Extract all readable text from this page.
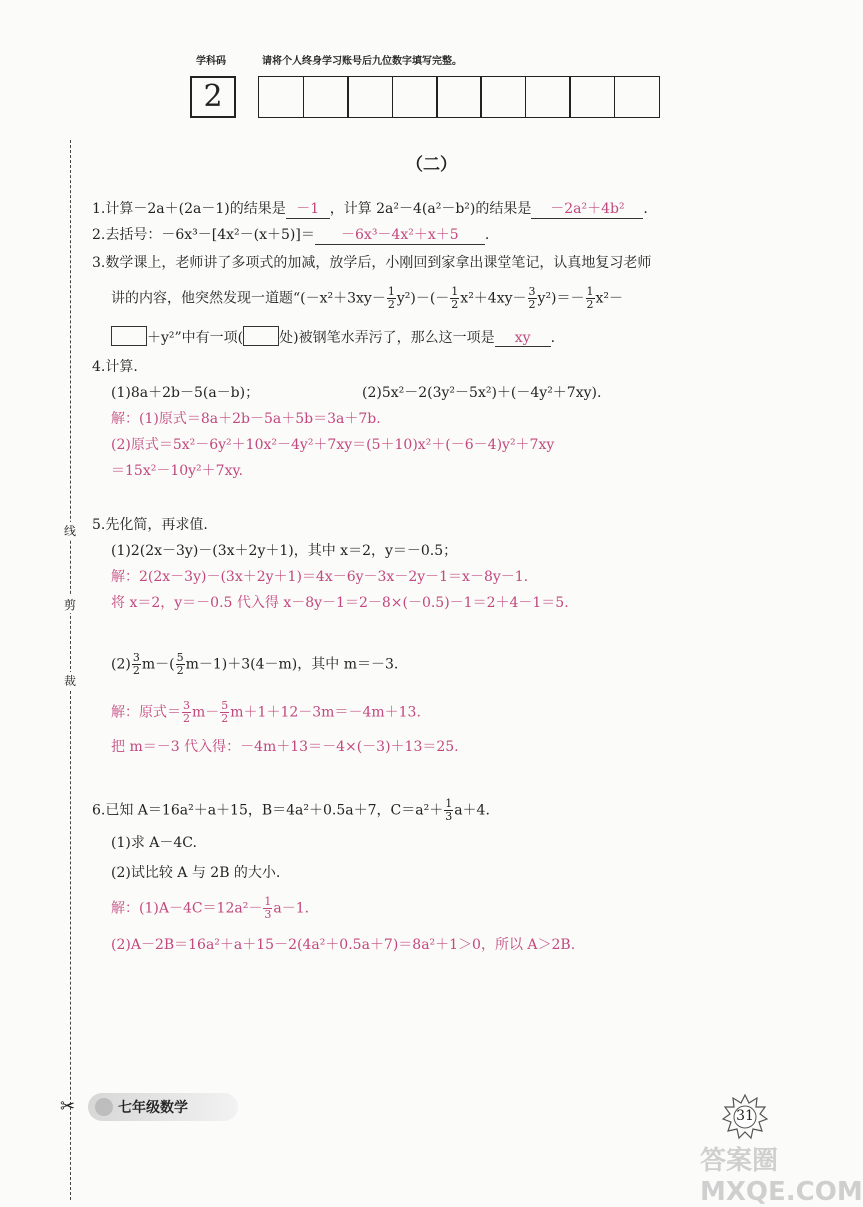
学科码	请将个人终身学习账号后九位数字填写完整。
2
线
剪
裁
（二）
1.计算－2a＋(2a－1)的结果是 －1 ，计算 2a²－4(a²－b²)的结果是 －2a²＋4b² .
2.去括号：－6x³－[4x²－(x＋5)]＝ －6x³－4x²＋x＋5 .
3.数学课上，老师讲了多项式的加减，放学后，小刚回到家拿出课堂笔记，认真地复习老师
讲的内容，他突然发现一道题“$(-x^2+3xy- \frac{1}{2} y^2)-(- \frac{1}{2} x^2+4xy- \frac{3}{2} y^2)=- \frac{1}{2} x^2-$
＋y²”中有一项(	处)被钢笔水弄污了，那么这一项是 xy .
4.计算.
(1)8a＋2b－5(a－b)；	(2)5x²－2(3y²－5x²)＋(－4y²＋7xy).
解：(1)原式＝8a＋2b－5a＋5b＝3a＋7b.
(2)原式＝5x²－6y²＋10x²－4y²＋7xy＝(5＋10)x²＋(－6－4)y²＋7xy
＝15x²－10y²＋7xy.
5.先化简，再求值.
(1)2(2x－3y)－(3x＋2y＋1)，其中 x＝2，y＝－0.5；
解：2(2x－3y)－(3x＋2y＋1)＝4x－6y－3x－2y－1＝x－8y－1.
将 x＝2，y＝－0.5 代入得 x－8y－1＝2－8×(－0.5)－1＝2＋4－1＝5.
$(2) \frac{3}{2} m-( \frac{5}{2} m-1)+3(4-m)$，其中 m＝－3.
解：原式＝ $\frac{3}{2} m- \frac{5}{2} m+1+12-3m=-4m+13$.
把 m＝－3 代入得：－4m＋13＝－4×(－3)＋13＝25.
6.已知 A＝16a²＋a＋15，B＝4a²＋0.5a＋7，$C=a^2+ \frac{1}{3} a+4$.
(1)求 A－4C.
(2)试比较 A 与 2B 的大小.
解：$(1)A-4C=12a^2- \frac{1}{3} a-1$.
(2)A－2B＝16a²＋a＋15－2(4a²＋0.5a＋7)＝8a²＋1＞0，所以 A＞2B.
✂	七年级数学	31
答案圈 MXQE.COM
